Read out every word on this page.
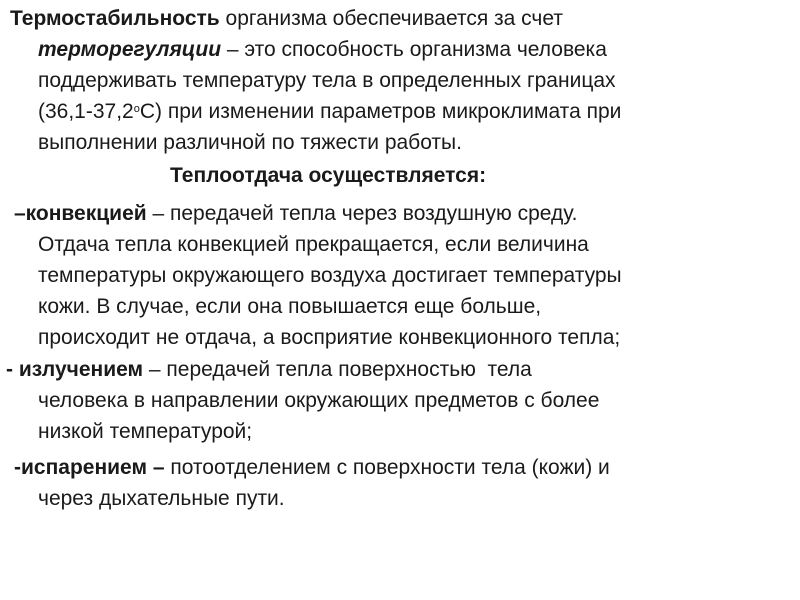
Термостабильность организма обеспечивается за счет
терморегуляции – это способность организма человека
поддерживать температуру тела в определенных границах
$(36,1-37,2^оС)$ при изменении параметров микроклимата при
выполнении различной по тяжести работы.
Теплоотдача осуществляется:
–конвекцией – передачей тепла через воздушную среду.
Отдача тепла конвекцией прекращается, если величина
температуры окружающего воздуха достигает температуры
кожи. В случае, если она повышается еще больше,
происходит не отдача, а восприятие конвекционного тепла;
- излучением – передачей тепла поверхностью  тела
человека в направлении окружающих предметов с более
низкой температурой;
-испарением – потоотделением с поверхности тела (кожи) и
через дыхательные пути.
